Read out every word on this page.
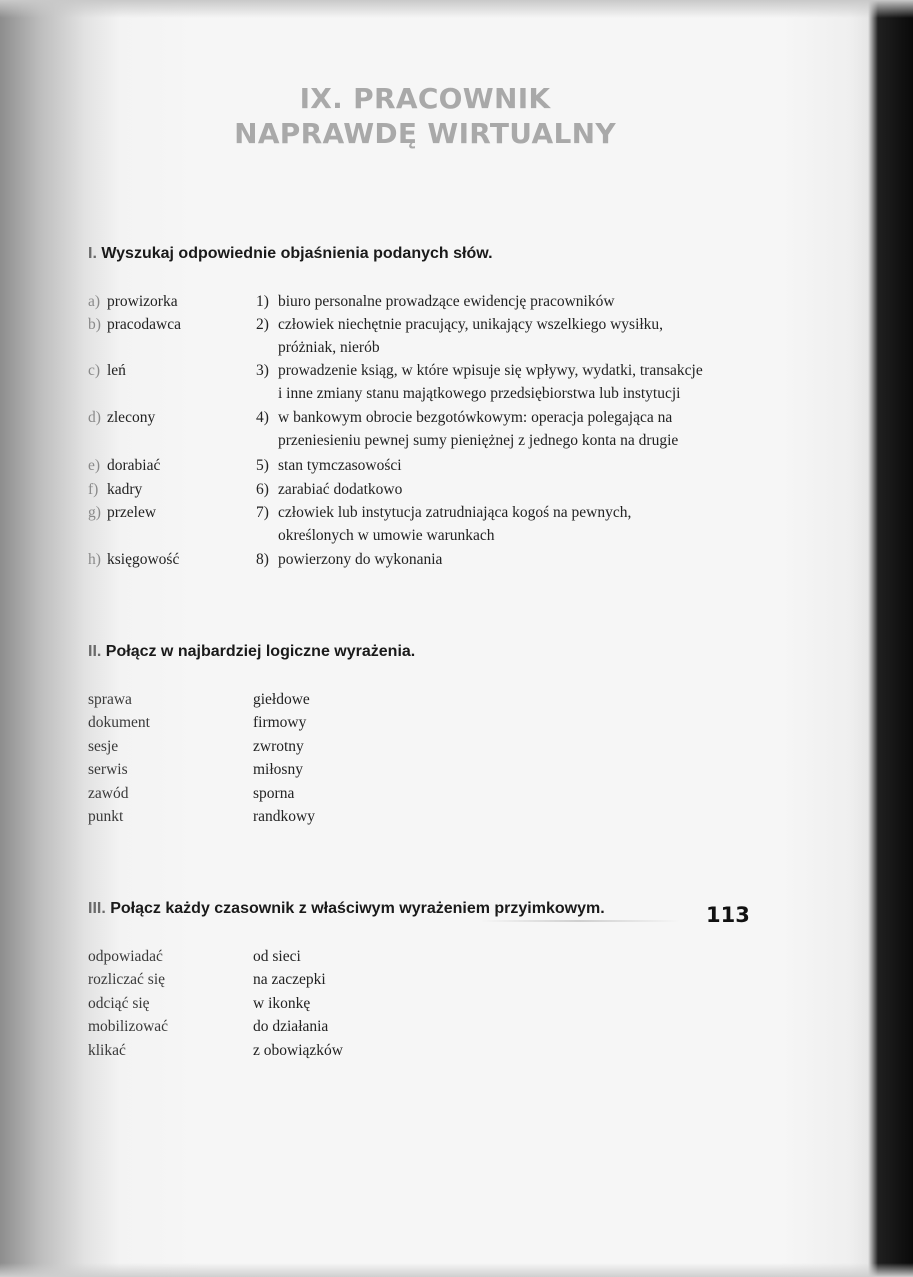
IX. PRACOWNIK
NAPRAWDĘ WIRTUALNY
I. Wyszukaj odpowiednie objaśnienia podanych słów.
a) prowizorka
b) pracodawca
c) leń
d) zlecony
e) dorabiać
f) kadry
g) przelew
h) księgowość
1) biuro personalne prowadzące ewidencję pracowników
2) człowiek niechętnie pracujący, unikający wszelkiego wysiłku,
próżniak, nierób
3) prowadzenie ksiąg, w które wpisuje się wpływy, wydatki, transakcje
i inne zmiany stanu majątkowego przedsiębiorstwa lub instytucji
4) w bankowym obrocie bezgotówkowym: operacja polegająca na
przeniesieniu pewnej sumy pieniężnej z jednego konta na drugie
5) stan tymczasowości
6) zarabiać dodatkowo
7) człowiek lub instytucja zatrudniająca kogoś na pewnych,
określonych w umowie warunkach
8) powierzony do wykonania
II. Połącz w najbardziej logiczne wyrażenia.
sprawa
dokument
sesje
serwis
zawód
punkt
giełdowe
firmowy
zwrotny
miłosny
sporna
randkowy
III. Połącz każdy czasownik z właściwym wyrażeniem przyimkowym.
odpowiadać
rozliczać się
odciąć się
mobilizować
klikać
od sieci
na zaczepki
w ikonkę
do działania
z obowiązków
113
